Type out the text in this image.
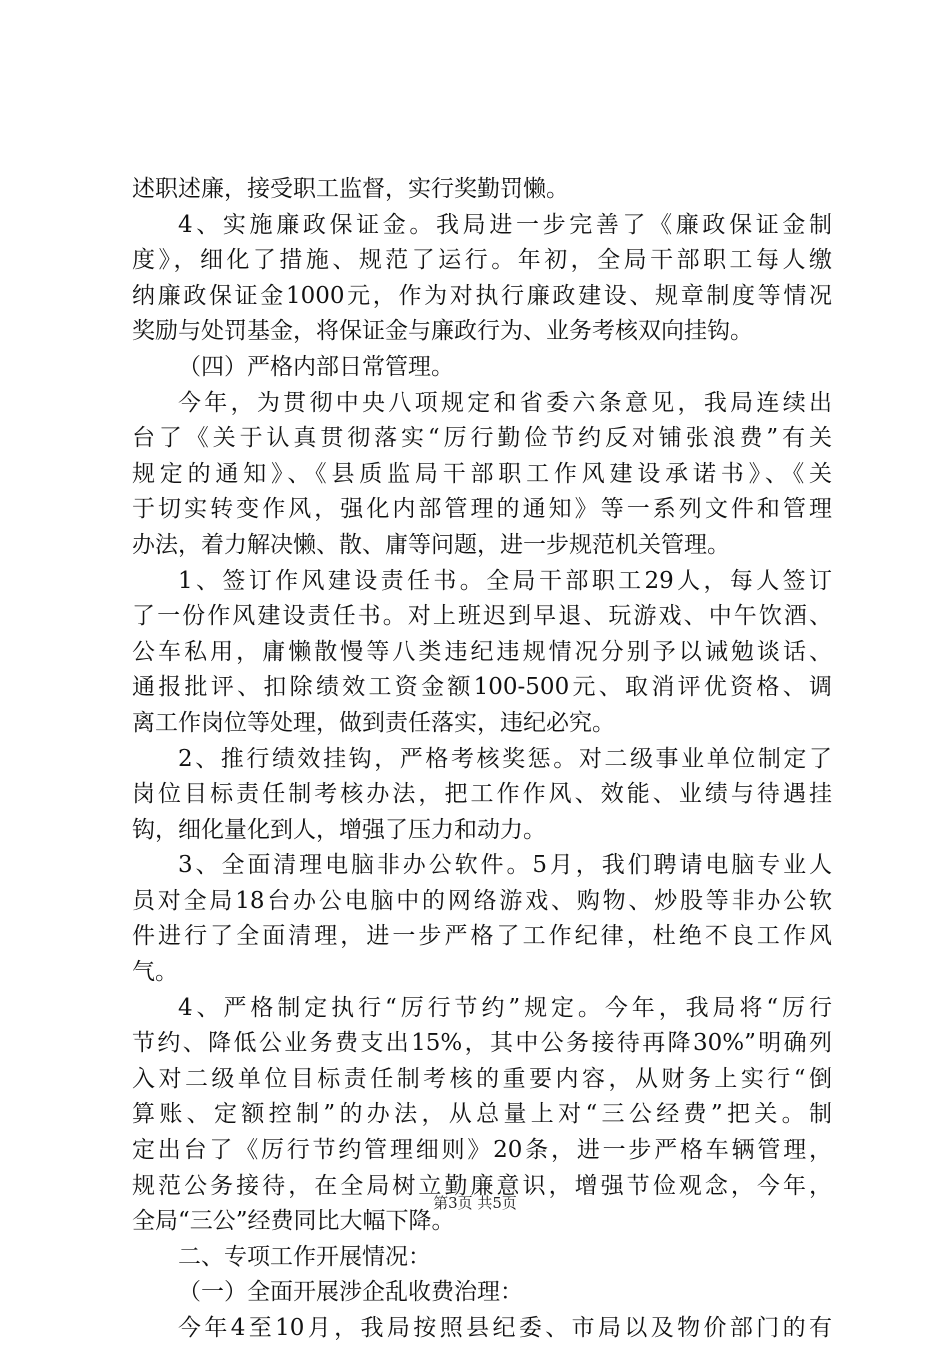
述职述廉，接受职工监督，实行奖勤罚懒。
4、实施廉政保证金。我局进一步完善了《廉政保证金制
度》，细化了措施、规范了运行。年初，全局干部职工每人缴
纳廉政保证金1000元，作为对执行廉政建设、规章制度等情况
奖励与处罚基金，将保证金与廉政行为、业务考核双向挂钩。
（四）严格内部日常管理。
今年，为贯彻中央八项规定和省委六条意见，我局连续出
台了《关于认真贯彻落实“厉行勤俭节约反对铺张浪费”有关
规定的通知》、《县质监局干部职工作风建设承诺书》、《关
于切实转变作风，强化内部管理的通知》等一系列文件和管理
办法，着力解决懒、散、庸等问题，进一步规范机关管理。
1、签订作风建设责任书。全局干部职工29人，每人签订
了一份作风建设责任书。对上班迟到早退、玩游戏、中午饮酒、
公车私用，庸懒散慢等八类违纪违规情况分别予以诫勉谈话、
通报批评、扣除绩效工资金额100-500元、取消评优资格、调
离工作岗位等处理，做到责任落实，违纪必究。
2、推行绩效挂钩，严格考核奖惩。对二级事业单位制定了
岗位目标责任制考核办法，把工作作风、效能、业绩与待遇挂
钩，细化量化到人，增强了压力和动力。
3、全面清理电脑非办公软件。5月，我们聘请电脑专业人
员对全局18台办公电脑中的网络游戏、购物、炒股等非办公软
件进行了全面清理，进一步严格了工作纪律，杜绝不良工作风
气。
4、严格制定执行“厉行节约”规定。今年，我局将“厉行
节约、降低公业务费支出15%，其中公务接待再降30%”明确列
入对二级单位目标责任制考核的重要内容，从财务上实行“倒
算账、定额控制”的办法，从总量上对“三公经费”把关。制
定出台了《厉行节约管理细则》20条，进一步严格车辆管理，
规范公务接待，在全局树立勤廉意识，增强节俭观念，今年，
全局“三公”经费同比大幅下降。
二、专项工作开展情况：
（一）全面开展涉企乱收费治理：
今年4至10月，我局按照县纪委、市局以及物价部门的有
第3页 共5页
